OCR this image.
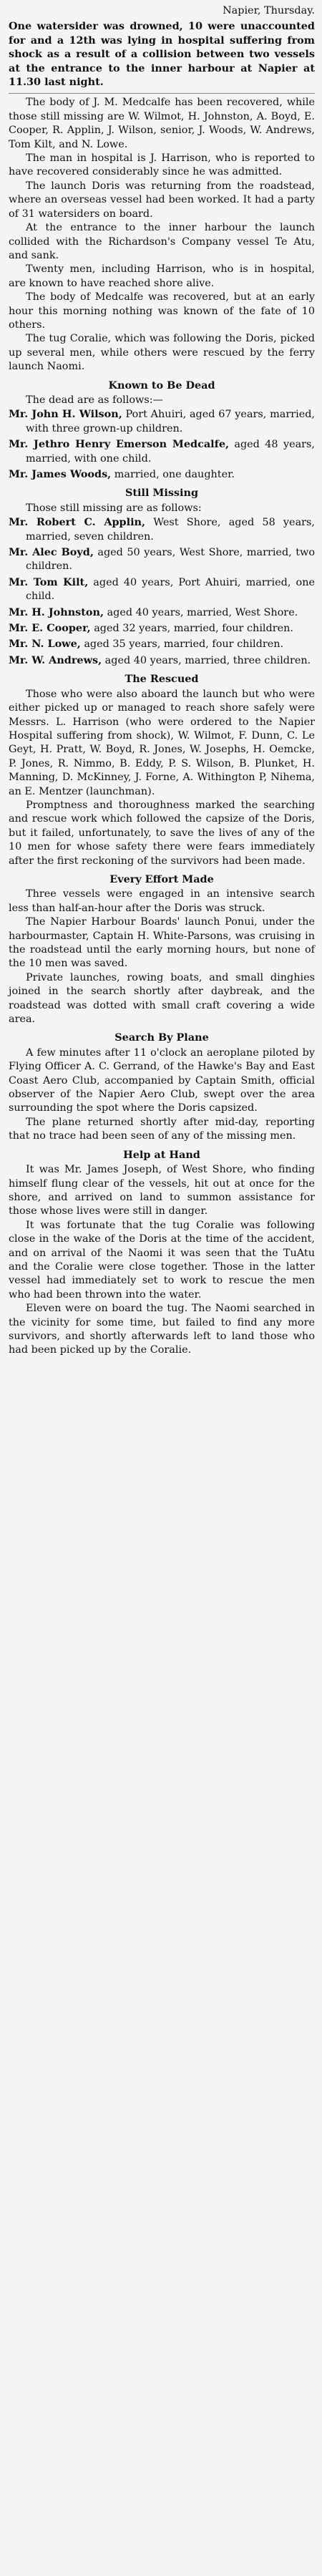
Napier, Thursday.

One watersider was drowned, 10 were unaccounted for and a 12th was lying in hospital suffering from shock as a result of a collision between two vessels at the entrance to the inner harbour at Napier at 11.30 last night.

The body of J. M. Medcalfe has been recovered, while those still missing are W. Wilmot, H. Johnston, A. Boyd, E. Cooper, R. Applin, J. Wilson, senior, J. Woods, W. Andrews, Tom Kilt, and N. Lowe.

The man in hospital is J. Harrison, who is reported to have recovered considerably since he was admitted.

The launch Doris was returning from the roadstead, where an overseas vessel had been worked. It had a party of 31 watersiders on board.

At the entrance to the inner harbour the launch collided with the Richardson's Company vessel Te Atu, and sank.

Twenty men, including Harrison, who is in hospital, are known to have reached shore alive.

The body of Medcalfe was recovered, but at an early hour this morning nothing was known of the fate of 10 others.

The tug Coralie, which was following the Doris, picked up several men, while others were rescued by the ferry launch Naomi.

Known to Be Dead

The dead are as follows:—

Mr. John H. Wilson, Port Ahuiri, aged 67 years, married, with three grown-up children.

Mr. Jethro Henry Emerson Medcalfe, aged 48 years, married, with one child.

Mr. James Woods, married, one daughter.

Still Missing

Those still missing are as follows:

Mr. Robert C. Applin, West Shore, aged 58 years, married, seven children.

Mr. Alec Boyd, aged 50 years, West Shore, married, two children.

Mr. Tom Kilt, aged 40 years, Port Ahuiri, married, one child.

Mr. H. Johnston, aged 40 years, married, West Shore.

Mr. E. Cooper, aged 32 years, married, four children.

Mr. N. Lowe, aged 35 years, married, four children.

Mr. W. Andrews, aged 40 years, married, three children.

The Rescued

Those who were also aboard the launch but who were either picked up or managed to reach shore safely were Messrs. L. Harrison (who were ordered to the Napier Hospital suffering from shock), W. Wilmot, F. Dunn, C. Le Geyt, H. Pratt, W. Boyd, R. Jones, W. Josephs, H. Oemcke, P. Jones, R. Nimmo, B. Eddy, P. S. Wilson, B. Plunket, H. Manning, D. McKinney, J. Forne, A. Withington P, Nihema, an E. Mentzer (launchman).

Promptness and thoroughness marked the searching and rescue work which followed the capsize of the Doris, but it failed, unfortunately, to save the lives of any of the 10 men for whose safety there were fears immediately after the first reckoning of the survivors had been made.

Every Effort Made

Three vessels were engaged in an intensive search less than half-an-hour after the Doris was struck.

The Napier Harbour Boards' launch Ponui, under the harbourmaster, Captain H. White-Parsons, was cruising in the roadstead until the early morning hours, but none of the 10 men was saved.

Private launches, rowing boats, and small dinghies joined in the search shortly after daybreak, and the roadstead was dotted with small craft covering a wide area.

Search By Plane

A few minutes after 11 o'clock an aeroplane piloted by Flying Officer A. C. Gerrand, of the Hawke's Bay and East Coast Aero Club, accompanied by Captain Smith, official observer of the Napier Aero Club, swept over the area surrounding the spot where the Doris capsized.

The plane returned shortly after mid-day, reporting that no trace had been seen of any of the missing men.

Help at Hand

It was Mr. James Joseph, of West Shore, who finding himself flung clear of the vessels, hit out at once for the shore, and arrived on land to summon assistance for those whose lives were still in danger.

It was fortunate that the tug Coralie was following close in the wake of the Doris at the time of the accident, and on arrival of the Naomi it was seen that the TuAtu and the Coralie were close together. Those in the latter vessel had immediately set to work to rescue the men who had been thrown into the water.

Eleven were on board the tug. The Naomi searched in the vicinity for some time, but failed to find any more survivors, and shortly afterwards left to land those who had been picked up by the Coralie.
